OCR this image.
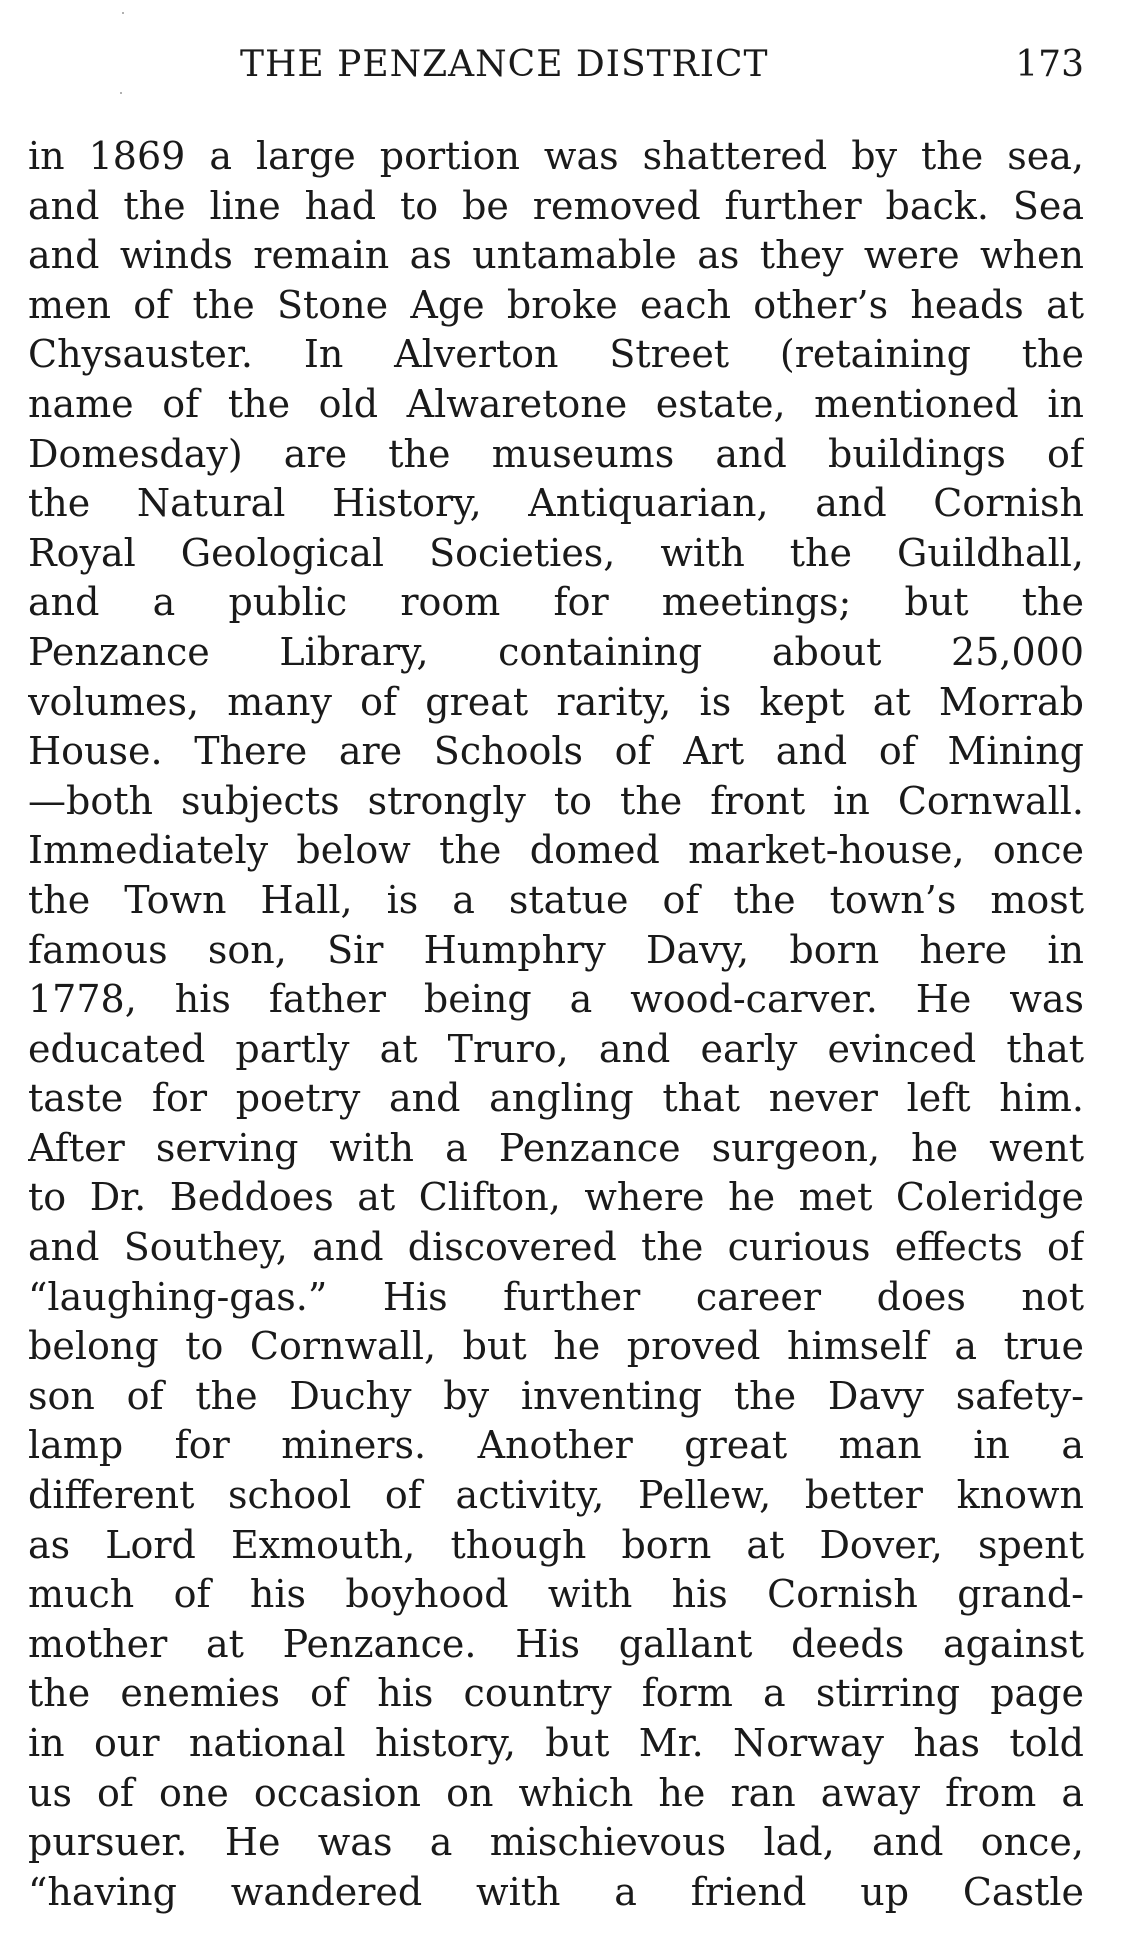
THE PENZANCE DISTRICT	173
in 1869 a large portion was shattered by the sea,
and the line had to be removed further back. Sea
and winds remain as untamable as they were when
men of the Stone Age broke each other’s heads at
Chysauster. In Alverton Street (retaining the
name of the old Alwaretone estate, mentioned in
Domesday) are the museums and buildings of
the Natural History, Antiquarian, and Cornish
Royal Geological Societies, with the Guildhall,
and a public room for meetings; but the
Penzance Library, containing about 25,000
volumes, many of great rarity, is kept at Morrab
House. There are Schools of Art and of Mining
—both subjects strongly to the front in Cornwall.
Immediately below the domed market-house, once
the Town Hall, is a statue of the town’s most
famous son, Sir Humphry Davy, born here in
1778, his father being a wood-carver. He was
educated partly at Truro, and early evinced that
taste for poetry and angling that never left him.
After serving with a Penzance surgeon, he went
to Dr. Beddoes at Clifton, where he met Coleridge
and Southey, and discovered the curious effects of
“laughing-gas.” His further career does not
belong to Cornwall, but he proved himself a true
son of the Duchy by inventing the Davy safety-
lamp for miners. Another great man in a
different school of activity, Pellew, better known
as Lord Exmouth, though born at Dover, spent
much of his boyhood with his Cornish grand-
mother at Penzance. His gallant deeds against
the enemies of his country form a stirring page
in our national history, but Mr. Norway has told
us of one occasion on which he ran away from a
pursuer. He was a mischievous lad, and once,
“having wandered with a friend up Castle
